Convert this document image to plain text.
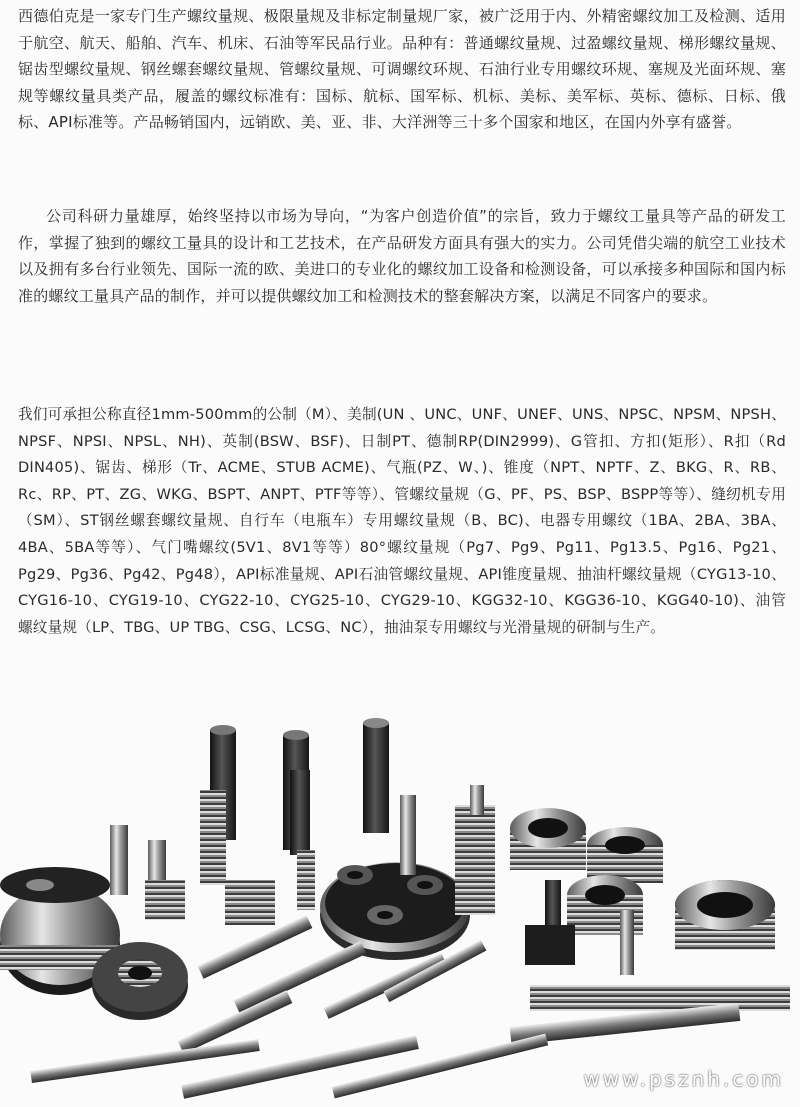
西德伯克是一家专门生产螺纹量规、极限量规及非标定制量规厂家，被广泛用于内、外精密螺纹加工及检测、适用于航空、航天、船舶、汽车、机床、石油等军民品行业。品种有：普通螺纹量规、过盈螺纹量规、梯形螺纹量规、锯齿型螺纹量规、钢丝螺套螺纹量规、管螺纹量规、可调螺纹环规、石油行业专用螺纹环规、塞规及光面环规、塞规等螺纹量具类产品，履盖的螺纹标准有：国标、航标、国军标、机标、美标、美军标、英标、德标、日标、俄标、API标准等。产品畅销国内，远销欧、美、亚、非、大洋洲等三十多个国家和地区，在国内外享有盛誉。

公司科研力量雄厚，始终坚持以市场为导向，“为客户创造价值”的宗旨，致力于螺纹工量具等产品的研发工作，掌握了独到的螺纹工量具的设计和工艺技术，在产品研发方面具有强大的实力。公司凭借尖端的航空工业技术以及拥有多台行业领先、国际一流的欧、美进口的专业化的螺纹加工设备和检测设备，可以承接多种国际和国内标准的螺纹工量具产品的制作，并可以提供螺纹加工和检测技术的整套解决方案，以满足不同客户的要求。

我们可承担公称直径1mm-500mm的公制（M）、美制(UN 、UNC、UNF、UNEF、UNS、NPSC、NPSM、NPSH、NPSF、NPSI、NPSL、NH)、英制(BSW、BSF)、日制PT、德制RP(DIN2999)、G管扣、方扣(矩形）、R扣（Rd DIN405)、锯齿、梯形（Tr、ACME、STUB ACME)、气瓶(PZ、W、)、锥度（NPT、NPTF、Z、BKG、R、RB、Rc、RP、PT、ZG、WKG、BSPT、ANPT、PTF等等）、管螺纹量规（G、PF、PS、BSP、BSPP等等）、缝纫机专用（SM）、ST钢丝螺套螺纹量规、自行车（电瓶车）专用螺纹量规（B、BC)、电器专用螺纹（1BA、2BA、3BA、4BA、5BA等等）、气门嘴螺纹(5V1、8V1等等）80°螺纹量规（Pg7、Pg9、Pg11、Pg13.5、Pg16、Pg21、Pg29、Pg36、Pg42、Pg48），API标准量规、API石油管螺纹量规、API锥度量规、抽油杆螺纹量规（CYG13-10、CYG16-10、CYG19-10、CYG22-10、CYG25-10、CYG29-10、KGG32-10、KGG36-10、KGG40-10)、油管螺纹量规（LP、TBG、UP TBG、CSG、LCSG、NC），抽油泵专用螺纹与光滑量规的研制与生产。

www.psznh.com
